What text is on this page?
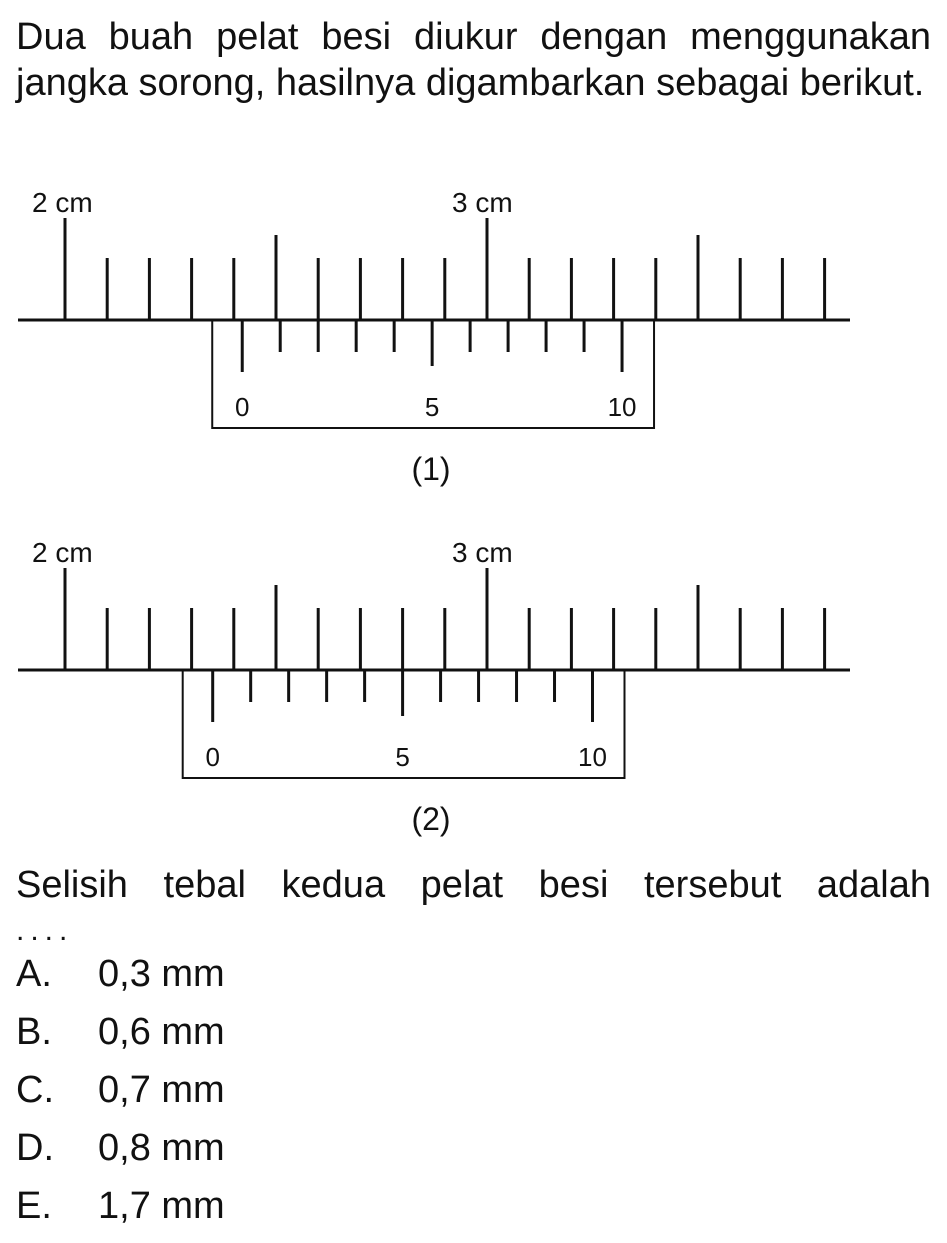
Dua buah pelat besi diukur dengan menggunakan jangka sorong, hasilnya digambarkan sebagai berikut.

2 cm	3 cm
0	5	10
(1)
2 cm	3 cm
0	5	10
(2)

Selisih tebal kedua pelat besi tersebut adalah

....
A. 0,3 mm
B. 0,6 mm
C. 0,7 mm
D. 0,8 mm
E. 1,7 mm
